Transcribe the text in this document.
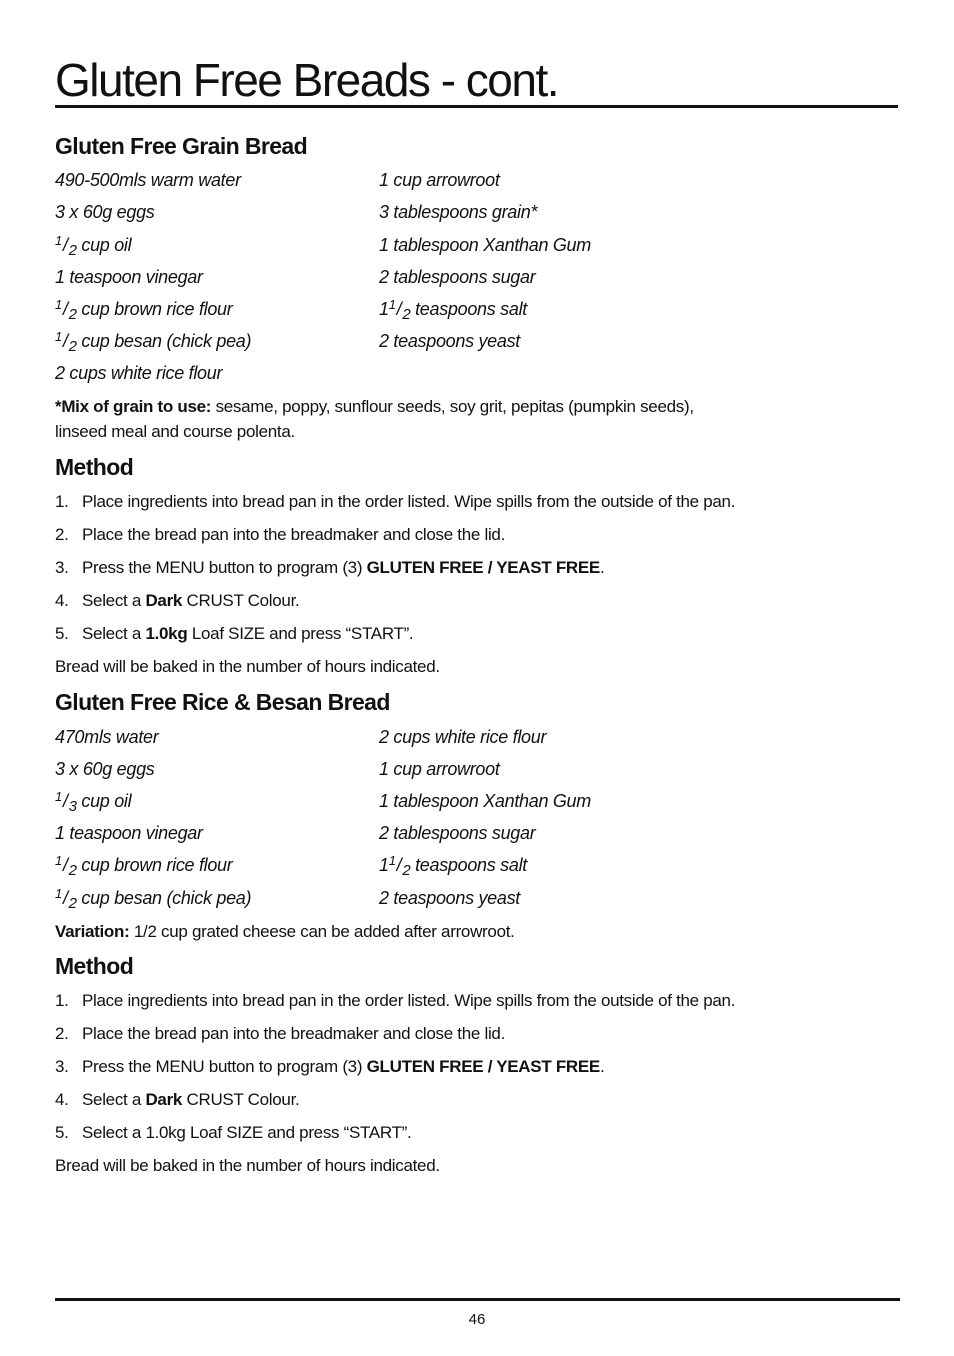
Gluten Free Breads - cont.
Gluten Free Grain Bread
490-500mls warm water
3 x 60g eggs
$^1/_2$ cup oil
1 teaspoon vinegar
$^1/_2$ cup brown rice flour
$^1/_2$ cup besan (chick pea)
2 cups white rice flour
1 cup arrowroot
3 tablespoons grain*
1 tablespoon Xanthan Gum
2 tablespoons sugar
$1^1/_2$ teaspoons salt
2 teaspoons yeast
*Mix of grain to use: sesame, poppy, sunflour seeds, soy grit, pepitas (pumpkin seeds),
linseed meal and course polenta.
Method
1. Place ingredients into bread pan in the order listed. Wipe spills from the outside of the pan.
2. Place the bread pan into the breadmaker and close the lid.
3. Press the MENU button to program (3) GLUTEN FREE / YEAST FREE.
4. Select a Dark CRUST Colour.
5. Select a 1.0kg Loaf SIZE and press “START”.
Bread will be baked in the number of hours indicated.
Gluten Free Rice & Besan Bread
470mls water
3 x 60g eggs
$^1/_3$ cup oil
1 teaspoon vinegar
$^1/_2$ cup brown rice flour
$^1/_2$ cup besan (chick pea)
2 cups white rice flour
1 cup arrowroot
1 tablespoon Xanthan Gum
2 tablespoons sugar
$1^1/_2$ teaspoons salt
2 teaspoons yeast
Variation: 1/2 cup grated cheese can be added after arrowroot.
Method
1. Place ingredients into bread pan in the order listed. Wipe spills from the outside of the pan.
2. Place the bread pan into the breadmaker and close the lid.
3. Press the MENU button to program (3) GLUTEN FREE / YEAST FREE.
4. Select a Dark CRUST Colour.
5. Select a 1.0kg Loaf SIZE and press “START”.
Bread will be baked in the number of hours indicated.
46
